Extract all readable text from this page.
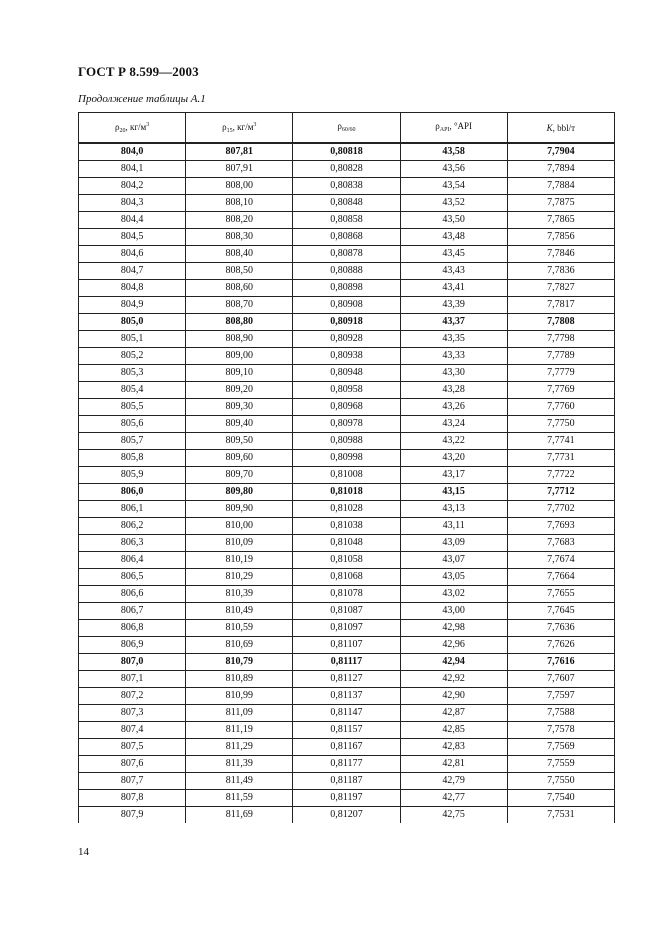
ГОСТ Р 8.599—2003
Продолжение таблицы А.1
$\rho_{20}$, $кг/м^3$	$\rho_{15}$, $кг/м^3$	$\rho_{60/60}$	$\rho_{API}$, °API	K, bbl/т
804,0	807,81	0,80818	43,58	7,7904
804,1	807,91	0,80828	43,56	7,7894
804,2	808,00	0,80838	43,54	7,7884
804,3	808,10	0,80848	43,52	7,7875
804,4	808,20	0,80858	43,50	7,7865
804,5	808,30	0,80868	43,48	7,7856
804,6	808,40	0,80878	43,45	7,7846
804,7	808,50	0,80888	43,43	7,7836
804,8	808,60	0,80898	43,41	7,7827
804,9	808,70	0,80908	43,39	7,7817
805,0	808,80	0,80918	43,37	7,7808
805,1	808,90	0,80928	43,35	7,7798
805,2	809,00	0,80938	43,33	7,7789
805,3	809,10	0,80948	43,30	7,7779
805,4	809,20	0,80958	43,28	7,7769
805,5	809,30	0,80968	43,26	7,7760
805,6	809,40	0,80978	43,24	7,7750
805,7	809,50	0,80988	43,22	7,7741
805,8	809,60	0,80998	43,20	7,7731
805,9	809,70	0,81008	43,17	7,7722
806,0	809,80	0,81018	43,15	7,7712
806,1	809,90	0,81028	43,13	7,7702
806,2	810,00	0,81038	43,11	7,7693
806,3	810,09	0,81048	43,09	7,7683
806,4	810,19	0,81058	43,07	7,7674
806,5	810,29	0,81068	43,05	7,7664
806,6	810,39	0,81078	43,02	7,7655
806,7	810,49	0,81087	43,00	7,7645
806,8	810,59	0,81097	42,98	7,7636
806,9	810,69	0,81107	42,96	7,7626
807,0	810,79	0,81117	42,94	7,7616
807,1	810,89	0,81127	42,92	7,7607
807,2	810,99	0,81137	42,90	7,7597
807,3	811,09	0,81147	42,87	7,7588
807,4	811,19	0,81157	42,85	7,7578
807,5	811,29	0,81167	42,83	7,7569
807,6	811,39	0,81177	42,81	7,7559
807,7	811,49	0,81187	42,79	7,7550
807,8	811,59	0,81197	42,77	7,7540
807,9	811,69	0,81207	42,75	7,7531
14
